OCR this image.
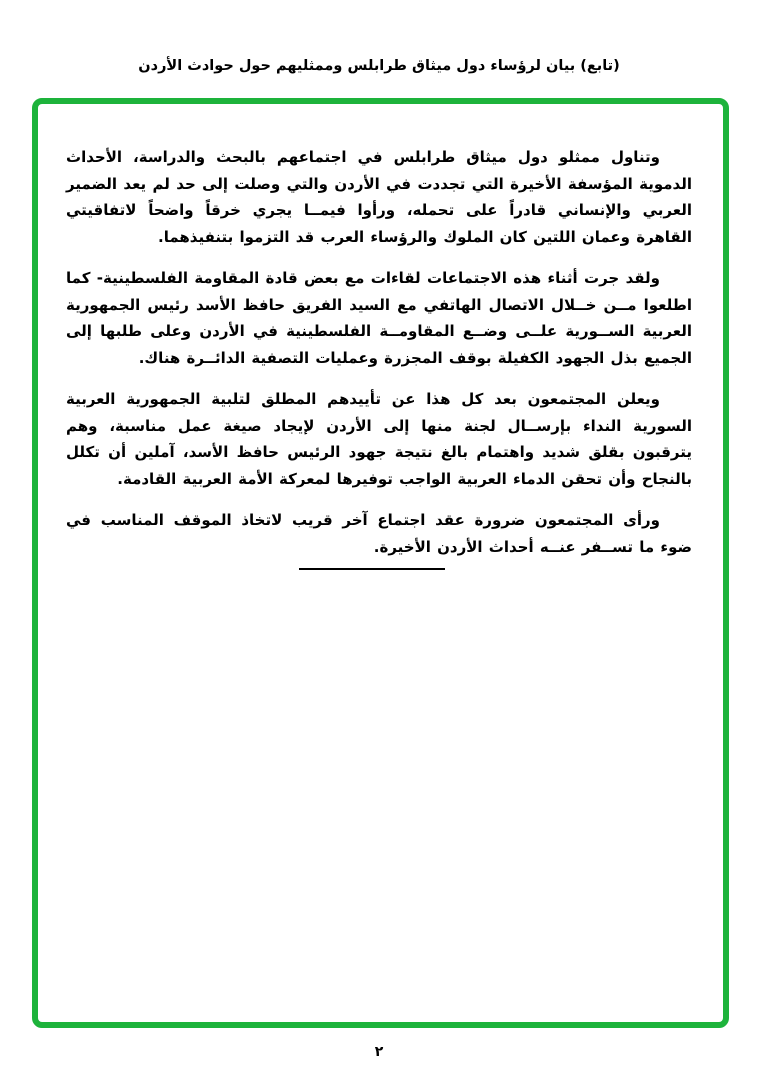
(تابع) بيان لرؤساء دول ميثاق طرابلس وممثليهم حول حوادث الأردن

وتناول ممثلو دول ميثاق طرابلس في اجتماعهم بالبحث والدراسة، الأحداث الدموية المؤسفة الأخيرة التي تجددت في الأردن والتي وصلت إلى حد لم يعد الضمير العربي والإنساني قادراً على تحمله، ورأوا فيمــا يجري خرقاً واضحاً لاتفاقيتي القاهرة وعمان اللتين كان الملوك والرؤساء العرب قد التزموا بتنفيذهما.

ولقد جرت أثناء هذه الاجتماعات لقاءات مع بعض قادة المقاومة الفلسطينية- كما اطلعوا مــن خــلال الاتصال الهاتفي مع السيد الفريق حافظ الأسد رئيس الجمهورية العربية الســورية علــى وضــع المقاومــة الفلسطينية في الأردن وعلى طلبها إلى الجميع بذل الجهود الكفيلة بوقف المجزرة وعمليات التصفية الدائــرة هناك.

ويعلن المجتمعون بعد كل هذا عن تأييدهم المطلق لتلبية الجمهورية العربية السورية النداء بإرســال لجنة منها إلى الأردن لإيجاد صيغة عمل مناسبة، وهم يترقبون بقلق شديد واهتمام بالغ نتيجة جهود الرئيس حافظ الأسد، آملين أن تكلل بالنجاح وأن تحقن الدماء العربية الواجب توفيرها لمعركة الأمة العربية القادمة.

ورأى المجتمعون ضرورة عقد اجتماع آخر قريب لاتخاذ الموقف المناسب في ضوء ما تســفر عنــه أحداث الأردن الأخيرة.

٢
